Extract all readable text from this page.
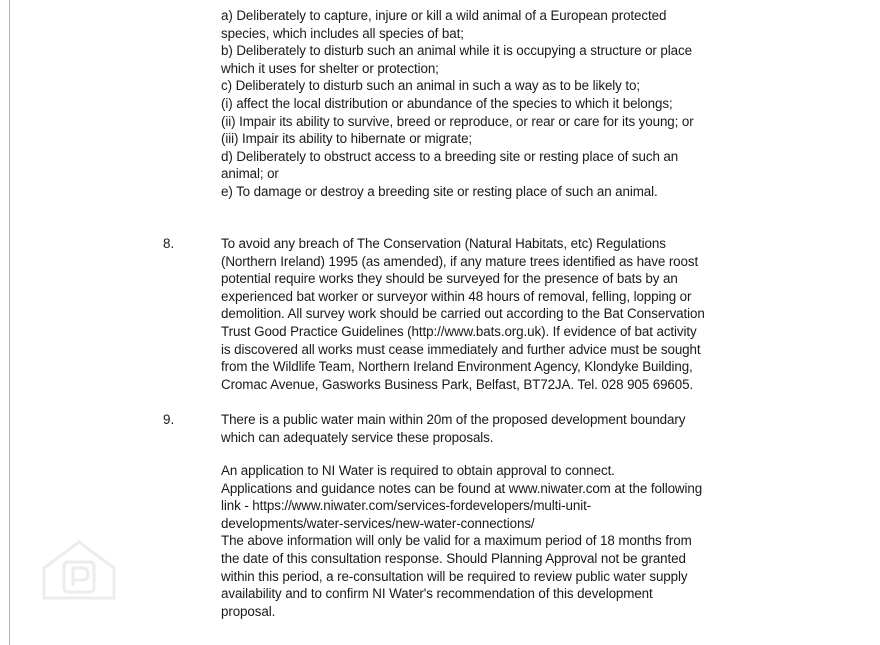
a) Deliberately to capture, injure or kill a wild animal of a European protected
species, which includes all species of bat;
b) Deliberately to disturb such an animal while it is occupying a structure or place
which it uses for shelter or protection;
c) Deliberately to disturb such an animal in such a way as to be likely to;
(i) affect the local distribution or abundance of the species to which it belongs;
(ii) Impair its ability to survive, breed or reproduce, or rear or care for its young; or
(iii) Impair its ability to hibernate or migrate;
d) Deliberately to obstruct access to a breeding site or resting place of such an
animal; or
e) To damage or destroy a breeding site or resting place of such an animal.
8.	To avoid any breach of The Conservation (Natural Habitats, etc) Regulations
(Northern Ireland) 1995 (as amended), if any mature trees identified as have roost
potential require works they should be surveyed for the presence of bats by an
experienced bat worker or surveyor within 48 hours of removal, felling, lopping or
demolition. All survey work should be carried out according to the Bat Conservation
Trust Good Practice Guidelines (http://www.bats.org.uk). If evidence of bat activity
is discovered all works must cease immediately and further advice must be sought
from the Wildlife Team, Northern Ireland Environment Agency, Klondyke Building,
Cromac Avenue, Gasworks Business Park, Belfast, BT72JA. Tel. 028 905 69605.
9.	There is a public water main within 20m of the proposed development boundary
which can adequately service these proposals.
An application to NI Water is required to obtain approval to connect.
Applications and guidance notes can be found at www.niwater.com at the following
link - https://www.niwater.com/services-fordevelopers/multi-unit-
developments/water-services/new-water-connections/
The above information will only be valid for a maximum period of 18 months from
the date of this consultation response. Should Planning Approval not be granted
within this period, a re-consultation will be required to review public water supply
availability and to confirm NI Water's recommendation of this development
proposal.
